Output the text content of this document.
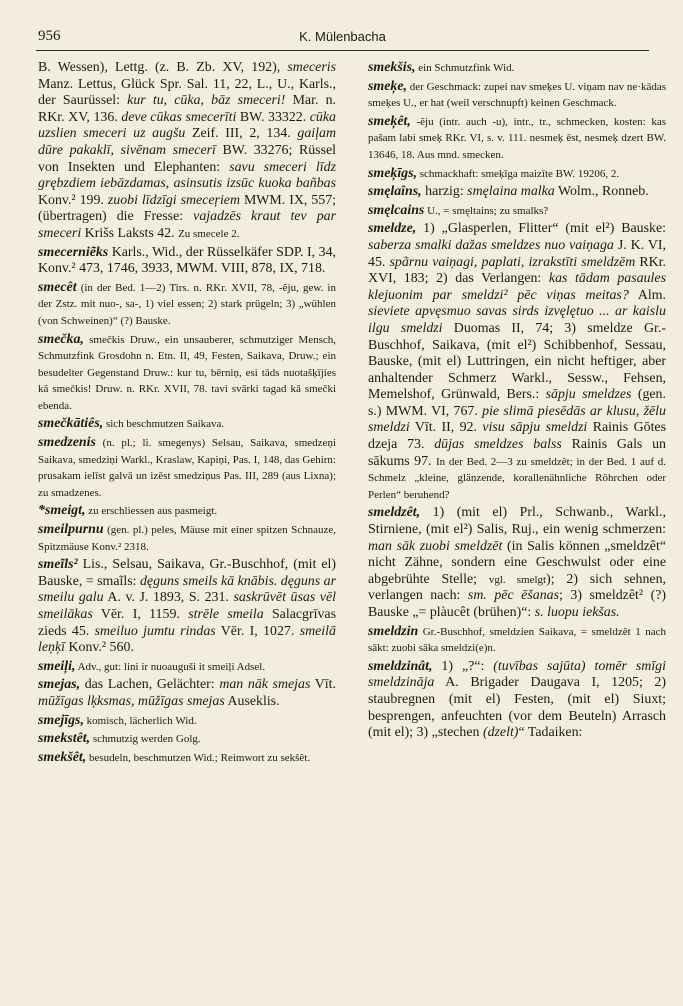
956	K. Mülenbacha

B. Wessen), Lettg. (z. B. Zb. XV, 192), smeceris Manz. Lettus, Glück Spr. Sal. 11, 22, L., U., Karls., der Saurüssel: kur tu, cūka, bāz smeceri! Mar. n. RKr. XV, 136. deve cūkas smecerīti BW. 33322. cūka uzslien smeceri uz augšu Zeif. III, 2, 134. gaiļam dūre pakaklī, sivēnam smecerī BW. 33276; Rüssel von Insekten und Elephanten: savu smeceri līdz grębzdiem iebāzdamas, asinsutis izsūc kuoka bañbas Konv.² 199. zuobi līdzīgi smeceŗiem MWM. IX, 557; (übertragen) die Fresse: vajadzēs kraut tev par smeceri Krišs Laksts 42. Zu smecele 2.

smecerniẽks Karls., Wid., der Rüsselkäfer SDP. I, 34, Konv.² 473, 1746, 3933, MWM. VIII, 878, IX, 718.

smecêt (in der Bed. 1—2) Tirs. n. RKr. XVII, 78, -ẽju, gew. in der Zstz. mit nuo-, sa-, 1) viel essen; 2) stark prügeln; 3) „wühlen (von Schweinen)“ (?) Bauske.

smečka, smečkis Druw., ein unsauberer, schmutziger Mensch, Schmutzfink Grosdohn n. Etn. II, 49, Festen, Saikava, Druw.; ein besudelter Gegenstand Druw.: kur tu, bērniņ, esi tāds nuotašķījies kā smečkis! Druw. n. RKr. XVII, 78. tavi svārki tagad kā smečki ebenda.

smečkātiês, sich beschmutzen Saikava.

smedzenis (n. pl.; li. smegenys) Selsau, Saikava, smedzeņi Saikava, smedziņi Warkl., Kraslaw, Kapiņi, Pas. I, 148, das Gehirn: prusakam ielīst galvā un izēst smedziņus Pas. III, 289 (aus Lixna); zu smadzenes.

*smeigt, zu erschliessen aus pasmeigt.

smeilpurnu (gen. pl.) peles, Mäuse mit einer spitzen Schnauze, Spitzmäuse Konv.² 2318.

smeĩls² Lis., Selsau, Saikava, Gr.-Buschhof, (mit el) Bauske, = smaĩls: dęguns smeils kā knābis. dęguns ar smeilu galu A. v. J. 1893, S. 231. saskrūvēt ūsas vēl smeilākas Vēr. I, 1159. strēle smeila Salacgrīvas zieds 45. smeiluo jumtu rindas Vēr. I, 1027. smeilā leņķī Konv.² 560.

smeiļi, Adv., gut: lini ir nuoauguši it smeiļi Adsel.

smejas, das Lachen, Gelächter: man nāk smejas Vīt. mūžīgas lķksmas, mūžīgas smejas Auseklis.

smejīgs, komisch, lächerlich Wid.

smekstêt, schmutzig werden Golg.

smekšêt, besudeln, beschmutzen Wid.; Reimwort zu sekšêt.

smekšis, ein Schmutzfink Wid.

smeķe, der Geschmack: zupei nav smeķes U. viņam nav ne·kādas smeķes U., er hat (weil verschnupft) keinen Geschmack.

smeķêt, -ẽju (intr. auch -u), intr., tr., schmecken, kosten: kas pašam labi smeķ RKr. VI, s. v. 111. nesmeķ ēst, nesmeķ dzert BW. 13646, 18. Aus mnd. smecken.

smeķīgs, schmackhaft: smeķīga maizīte BW. 19206, 2.

smęlaîns, harzig: smęlaina malka Wolm., Ronneb.

smęlcains U., = smęltains; zu smalks?

smeldze, 1) „Glasperlen, Flitter“ (mit el²) Bauske: saberza smalki dažas smeldzes nuo vaiņaga J. K. VI, 45. spãrnu vaiņagi, paplati, izrakstīti smeldzēm RKr. XVI, 183; 2) das Verlangen: kas tādam pasaules klejuonim par smeldzi² pēc viņas meitas? Alm. sieviete apvęsmuo savas sirds izvęlętuo ... ar kaislu ilgu smeldzi Duomas II, 74; 3) smeldze Gr.-Buschhof, Saikava, (mit el²) Schibbenhof, Sessau, Bauske, (mit el) Luttringen, ein nicht heftiger, aber anhaltender Schmerz Warkl., Sessw., Fehsen, Memelshof, Grünwald, Bers.: sāpju smeldzes (gen. s.) MWM. VI, 767. pie slimā piesēdās ar klusu, žēlu smeldzi Vīt. II, 92. visu sāpju smeldzi Rainis Gōtes dzeja 73. dūjas smeldzes balss Rainis Gals un sākums 97. In der Bed. 2—3 zu smeldzêt; in der Bed. 1 auf d. Schmelz „kleine, glänzende, korallenähnliche Röhrchen oder Perlen“ beruhend?

smeldzêt, 1) (mit el) Prl., Schwanb., Warkl., Stirniene, (mit el²) Salis, Ruj., ein wenig schmerzen: man sāk zuobi smeldzēt (in Salis können „smeldzêt“ nicht Zähne, sondern eine Geschwulst oder eine abgebrühte Stelle; vgl. smelgt); 2) sich sehnen, verlangen nach: sm. pēc ēšanas; 3) smeldzêt² (?) Bauske „= plàucêt (brühen)“: s. luopu iekšas.

smeldzin Gr.-Buschhof, smeldzien Saikava, = smeldzêt 1 nach sākt: zuobi sāka smeldzi(e)n.

smeldzinât, 1) „?“: (tuvības sajūta) tomēr smīgi smeldzināja A. Brigader Daugava I, 1205; 2) staubregnen (mit el) Festen, (mit el) Siuxt; besprengen, anfeuchten (vor dem Beuteln) Arrasch (mit el); 3) „stechen (dzelt)“ Tadaiken:
